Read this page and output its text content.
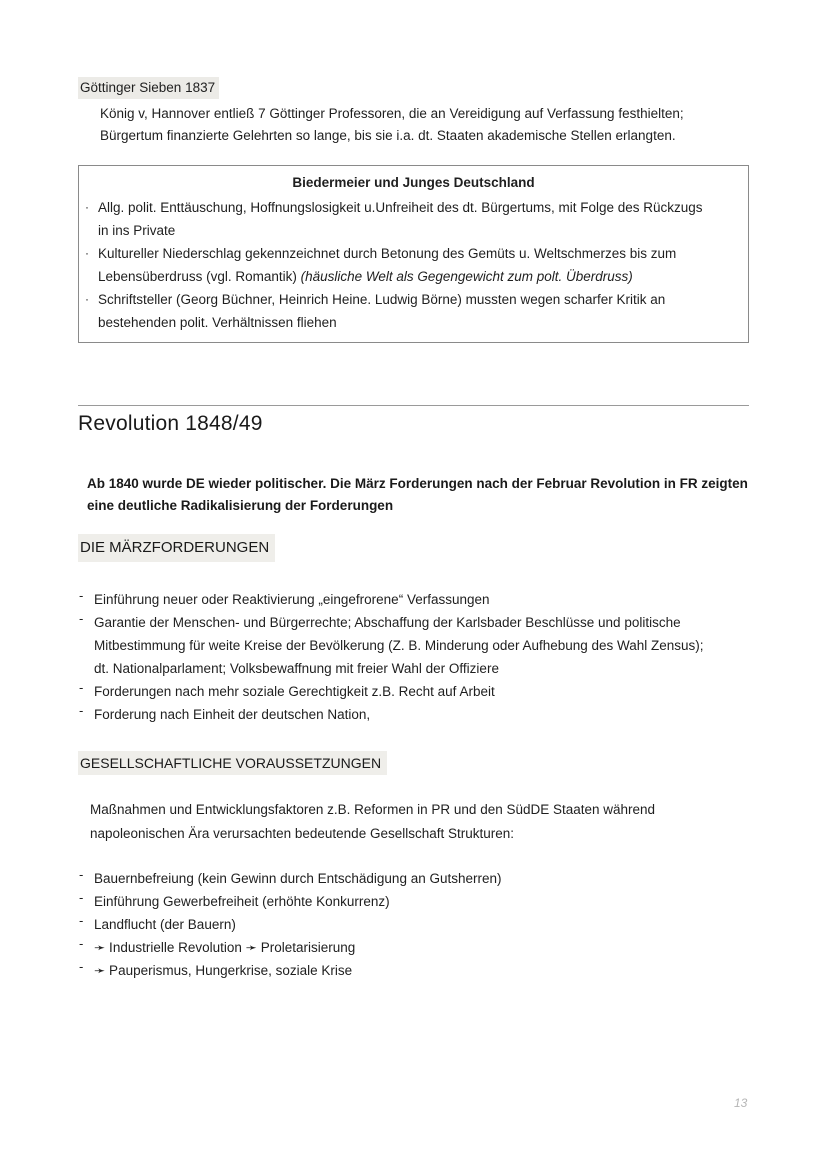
Göttinger Sieben 1837
König v, Hannover entließ 7 Göttinger Professoren, die an Vereidigung auf Verfassung festhielten;
Bürgertum finanzierte Gelehrten so lange, bis sie i.a. dt. Staaten akademische Stellen erlangten.
Biedermeier und Junges Deutschland
· Allg. polit. Enttäuschung, Hoffnungslosigkeit u.Unfreiheit des dt. Bürgertums, mit Folge des Rückzugs
in ins Private
· Kultureller Niederschlag gekennzeichnet durch Betonung des Gemüts u. Weltschmerzes bis zum
Lebensüberdruss (vgl. Romantik) (häusliche Welt als Gegengewicht zum polt. Überdruss)
· Schriftsteller (Georg Büchner, Heinrich Heine. Ludwig Börne) mussten wegen scharfer Kritik an
bestehenden polit. Verhältnissen fliehen
Revolution 1848/49
Ab 1840 wurde DE wieder politischer. Die März Forderungen nach der Februar Revolution in FR zeigten
eine deutliche Radikalisierung der Forderungen
DIE MÄRZFORDERUNGEN
- Einführung neuer oder Reaktivierung „eingefrorene“ Verfassungen
- Garantie der Menschen- und Bürgerrechte; Abschaffung der Karlsbader Beschlüsse und politische
Mitbestimmung für weite Kreise der Bevölkerung (Z. B. Minderung oder Aufhebung des Wahl Zensus);
dt. Nationalparlament; Volksbewaffnung mit freier Wahl der Offiziere
- Forderungen nach mehr soziale Gerechtigkeit z.B. Recht auf Arbeit
- Forderung nach Einheit der deutschen Nation,
GESELLSCHAFTLICHE VORAUSSETZUNGEN
Maßnahmen und Entwicklungsfaktoren z.B. Reformen in PR und den SüdDE Staaten während
napoleonischen Ära verursachten bedeutende Gesellschaft Strukturen:
- Bauernbefreiung (kein Gewinn durch Entschädigung an Gutsherren)
- Einführung Gewerbefreiheit (erhöhte Konkurrenz)
- Landflucht (der Bauern)
- ➛ Industrielle Revolution ➛ Proletarisierung
- ➛ Pauperismus, Hungerkrise, soziale Krise
13
